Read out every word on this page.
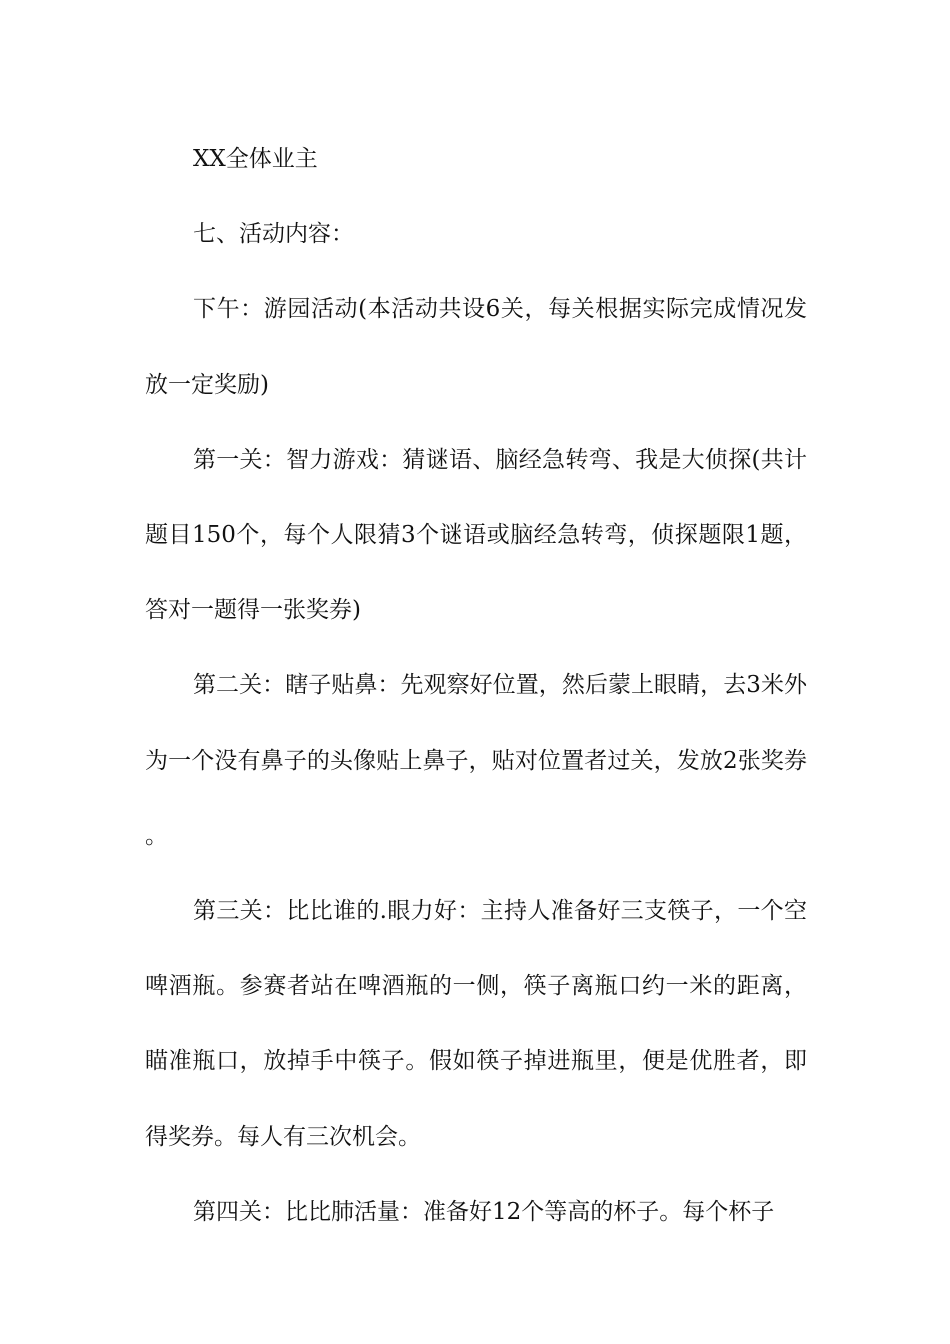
XX全体业主

七、活动内容：

下午：游园活动(本活动共设6关，每关根据实际完成情况发放一定奖励)

第一关：智力游戏：猜谜语、脑经急转弯、我是大侦探(共计题目150个，每个人限猜3个谜语或脑经急转弯，侦探题限1题，答对一题得一张奖券)

第二关：瞎子贴鼻：先观察好位置，然后蒙上眼睛，去3米外为一个没有鼻子的头像贴上鼻子，贴对位置者过关，发放2张奖券。

第三关：比比谁的.眼力好：主持人准备好三支筷子，一个空啤酒瓶。参赛者站在啤酒瓶的一侧，筷子离瓶口约一米的距离，瞄准瓶口，放掉手中筷子。假如筷子掉进瓶里，便是优胜者，即得奖券。每人有三次机会。

第四关：比比肺活量：准备好12个等高的杯子。每个杯子
